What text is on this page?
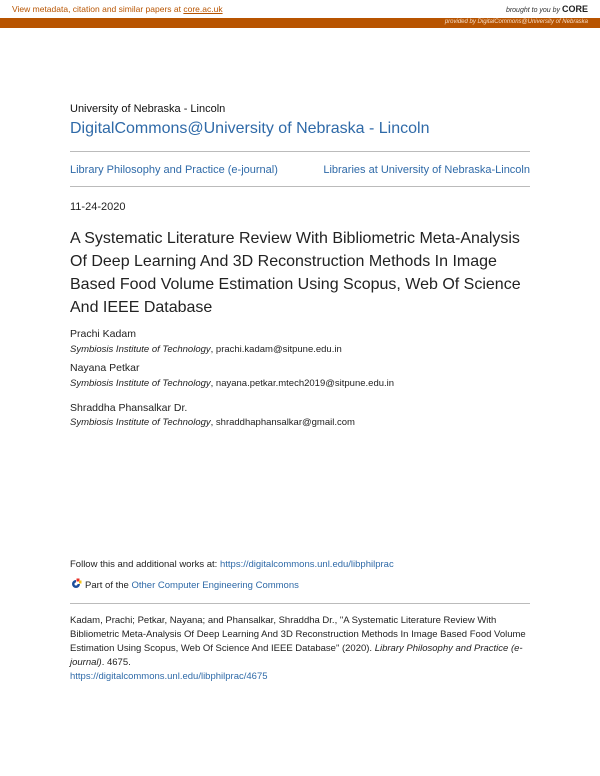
View metadata, citation and similar papers at core.ac.uk	brought to you by CORE
provided by DigitalCommons@University of Nebraska
University of Nebraska - Lincoln
DigitalCommons@University of Nebraska - Lincoln
Library Philosophy and Practice (e-journal)	Libraries at University of Nebraska-Lincoln
11-24-2020
A Systematic Literature Review With Bibliometric Meta-Analysis Of Deep Learning And 3D Reconstruction Methods In Image Based Food Volume Estimation Using Scopus, Web Of Science And IEEE Database
Prachi Kadam
Symbiosis Institute of Technology, prachi.kadam@sitpune.edu.in
Nayana Petkar
Symbiosis Institute of Technology, nayana.petkar.mtech2019@sitpune.edu.in
Shraddha Phansalkar Dr.
Symbiosis Institute of Technology, shraddhaphansalkar@gmail.com
Follow this and additional works at: https://digitalcommons.unl.edu/libphilprac
Part of the Other Computer Engineering Commons
Kadam, Prachi; Petkar, Nayana; and Phansalkar, Shraddha Dr., "A Systematic Literature Review With Bibliometric Meta-Analysis Of Deep Learning And 3D Reconstruction Methods In Image Based Food Volume Estimation Using Scopus, Web Of Science And IEEE Database" (2020). Library Philosophy and Practice (e-journal). 4675.
https://digitalcommons.unl.edu/libphilprac/4675
